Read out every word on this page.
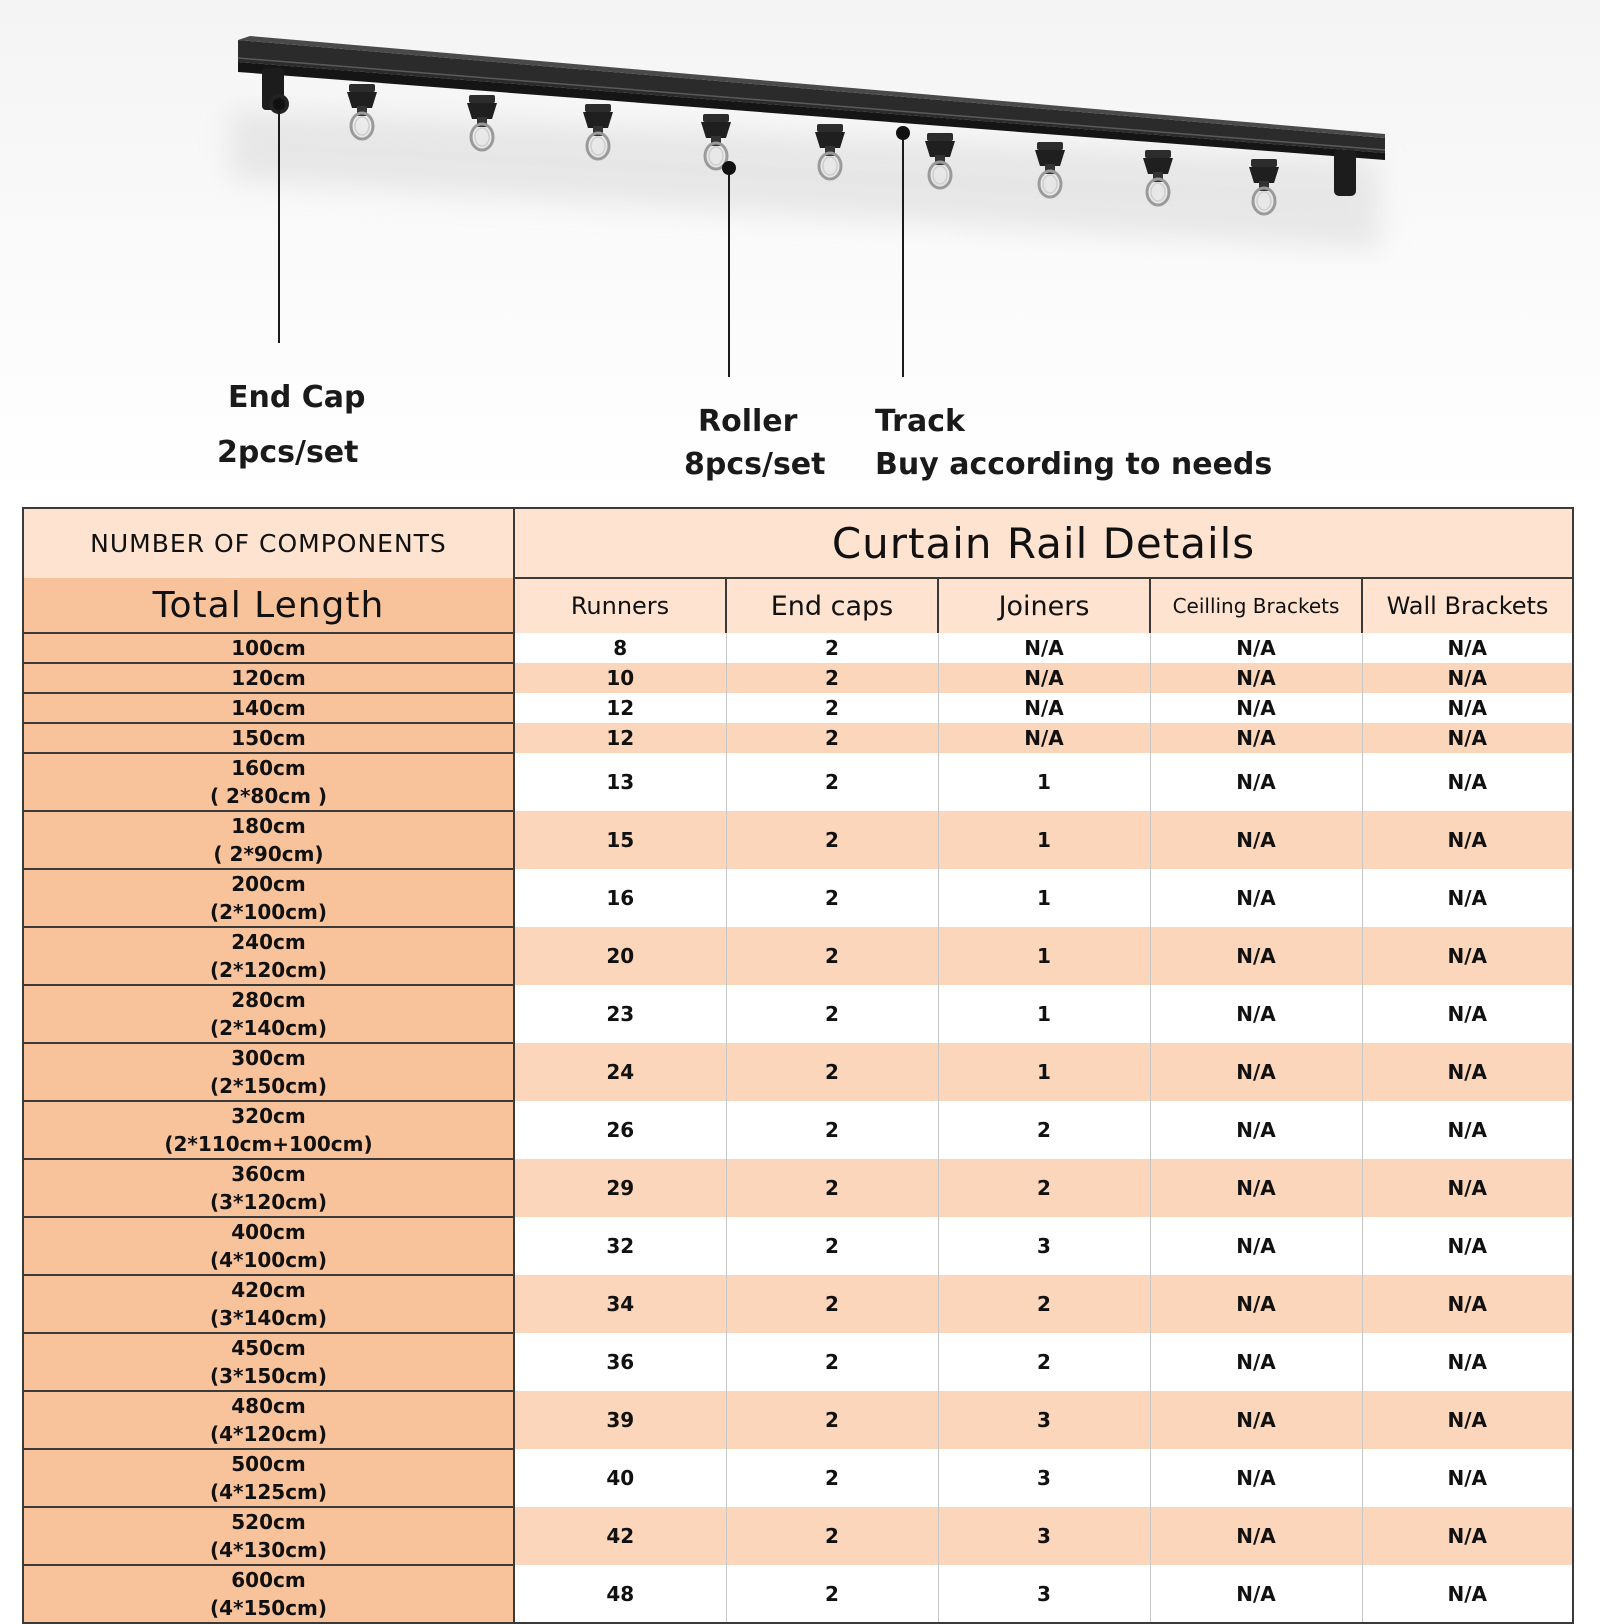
End Cap
2pcs/set
Roller
8pcs/set
Track
Buy according to needs
NUMBER OF COMPONENTS	Curtain Rail Details				
Total Length	Runners	End caps	Joiners	Ceilling Brackets	Wall Brackets

100cm	8	2	N/A	N/A	N/A

120cm	10	2	N/A	N/A	N/A

140cm	12	2	N/A	N/A	N/A

150cm	12	2	N/A	N/A	N/A

160cm
( 2*80cm )	13	2	1	N/A	N/A

180cm
( 2*90cm)	15	2	1	N/A	N/A

200cm
(2*100cm)	16	2	1	N/A	N/A

240cm
(2*120cm)	20	2	1	N/A	N/A

280cm
(2*140cm)	23	2	1	N/A	N/A

300cm
(2*150cm)	24	2	1	N/A	N/A

320cm
(2*110cm+100cm)	26	2	2	N/A	N/A

360cm
(3*120cm)	29	2	2	N/A	N/A

400cm
(4*100cm)	32	2	3	N/A	N/A

420cm
(3*140cm)	34	2	2	N/A	N/A

450cm
(3*150cm)	36	2	2	N/A	N/A

480cm
(4*120cm)	39	2	3	N/A	N/A

500cm
(4*125cm)	40	2	3	N/A	N/A

520cm
(4*130cm)	42	2	3	N/A	N/A

600cm
(4*150cm)	48	2	3	N/A	N/A
